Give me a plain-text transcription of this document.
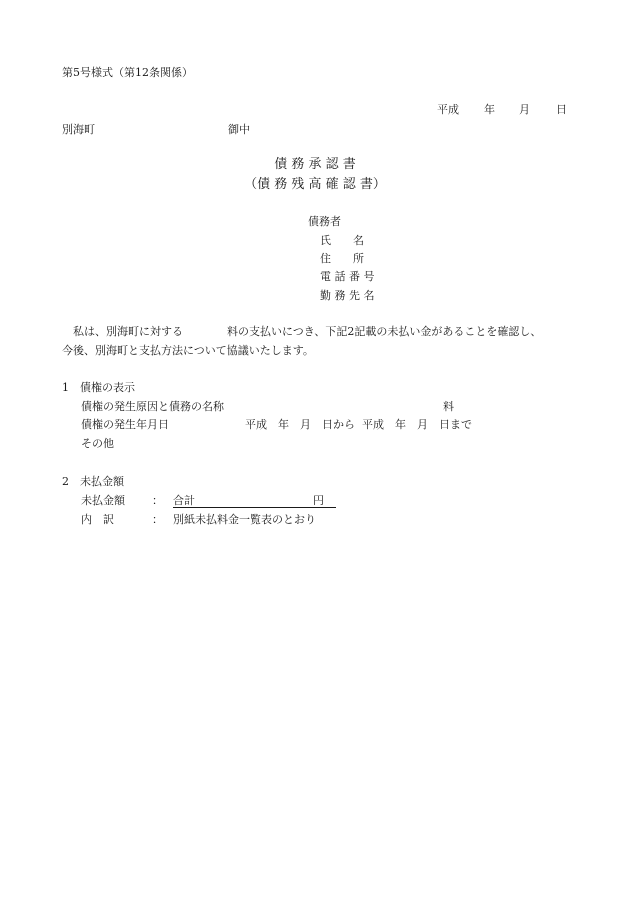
第5号様式（第12条関係）
平成 年 月 日
別海町	御中
債 務 承 認 書
（債 務 残 高 確 認 書）
債務者
氏　　名
住　　所
電 話 番 号
勤 務 先 名
私は、別海町に対する　　　　料の支払いにつき、下記2記載の未払い金があることを確認し、
今後、別海町と支払方法について協議いたします。
1　債権の表示
債権の発生原因と債務の名称	料
債権の発生年月日	平成　年　月　日から 平成　年　月　日まで
その他
2　未払金額
未払金額 ： 合計	円
内　訳	： 別紙未払料金一覧表のとおり
